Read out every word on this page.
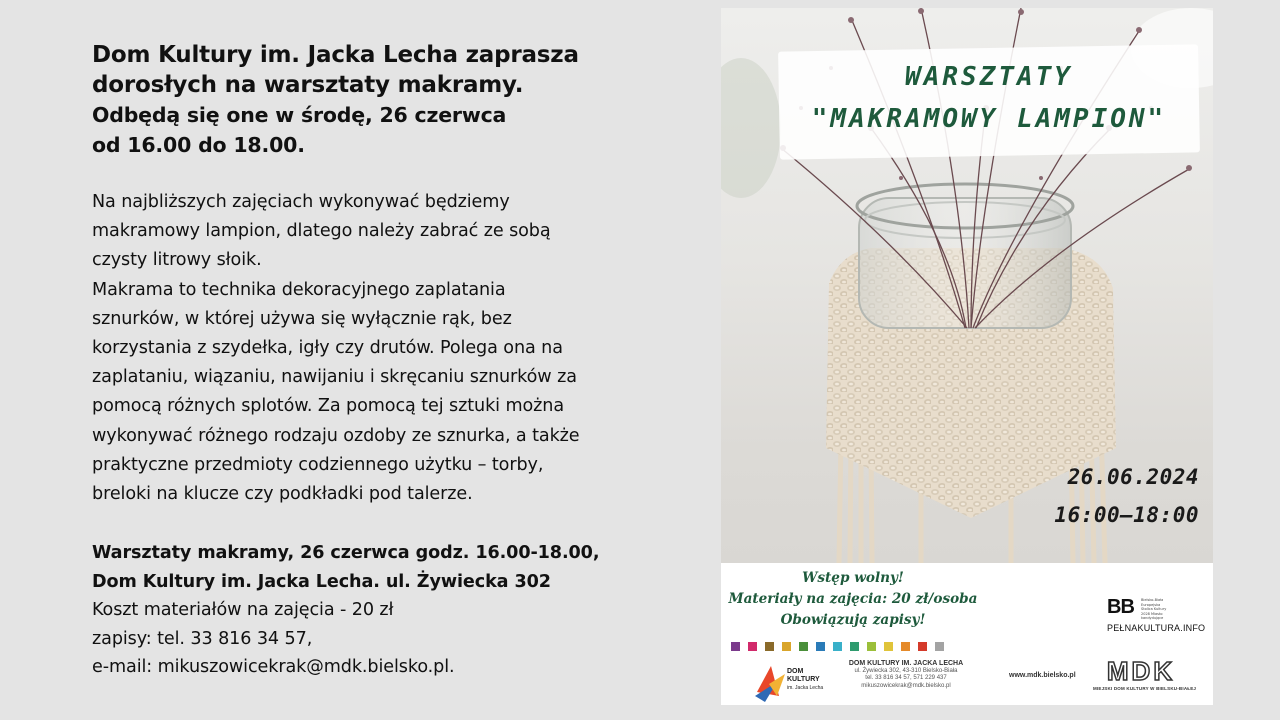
Dom Kultury im. Jacka Lecha zaprasza

dorosłych na warsztaty makramy.

Odbędą się one w środę, 26 czerwca

od 16.00 do 18.00.

Na najbliższych zajęciach wykonywać będziemy

makramowy lampion, dlatego należy zabrać ze sobą

czysty litrowy słoik.

Makrama to technika dekoracyjnego zaplatania

sznurków, w której używa się wyłącznie rąk, bez

korzystania z szydełka, igły czy drutów. Polega ona na

zaplataniu, wiązaniu, nawijaniu i skręcaniu sznurków za

pomocą różnych splotów. Za pomocą tej sztuki można

wykonywać różnego rodzaju ozdoby ze sznurka, a także

praktyczne przedmioty codziennego użytku – torby,

breloki na klucze czy podkładki pod talerze.

Warsztaty makramy, 26 czerwca godz. 16.00-18.00,
Dom Kultury im. Jacka Lecha. ul. Żywiecka 302
Koszt materiałów na zajęcia - 20 zł
zapisy: tel. 33 816 34 57,
e-mail: mikuszowicekrak@mdk.bielsko.pl.
WARSZTATY
"MAKRAMOWY LAMPION"
26.06.2024
16:00–18:00
Wstęp wolny!
Materiały na zajęcia: 20 zł/osoba
Obowiązują zapisy!
BB	Bielsko-Biała Europejska Stolica Kultury 2028 Miasto kandydujące
PEŁNAKULTURA.INFO
DOM
KULTURY
im. Jacka Lecha
DOM KULTURY IM. JACKA LECHA
ul. Żywiecka 302, 43-310 Bielsko-Biała
tel. 33 816 34 57, 571 229 437
mikuszowicekrak@mdk.bielsko.pl
www.mdk.bielsko.pl	MDK
MIEJSKI DOM KULTURY W BIELSKU-BIAŁEJ
